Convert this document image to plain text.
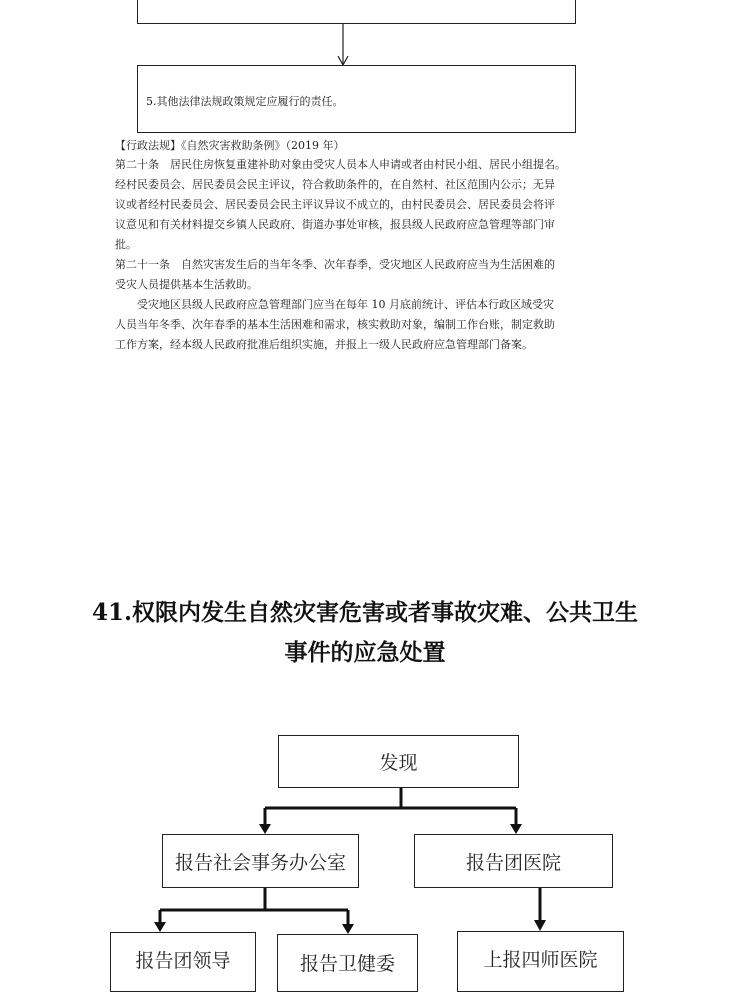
5.其他法律法规政策规定应履行的责任。
【行政法规】《自然灾害救助条例》（2019 年）
第二十条　居民住房恢复重建补助对象由受灾人员本人申请或者由村民小组、居民小组提名。
经村民委员会、居民委员会民主评议，符合救助条件的，在自然村、社区范围内公示；无异
议或者经村民委员会、居民委员会民主评议异议不成立的，由村民委员会、居民委员会将评
议意见和有关材料提交乡镇人民政府、街道办事处审核，报县级人民政府应急管理等部门审
批。
第二十一条　自然灾害发生后的当年冬季、次年春季，受灾地区人民政府应当为生活困难的
受灾人员提供基本生活救助。
　　受灾地区县级人民政府应急管理部门应当在每年 10 月底前统计、评估本行政区域受灾
人员当年冬季、次年春季的基本生活困难和需求，核实救助对象，编制工作台账，制定救助
工作方案，经本级人民政府批准后组织实施，并报上一级人民政府应急管理部门备案。
41.权限内发生自然灾害危害或者事故灾难、公共卫生
事件的应急处置
发现
报告社会事务办公室	报告团医院
报告团领导	报告卫健委	上报四师医院
